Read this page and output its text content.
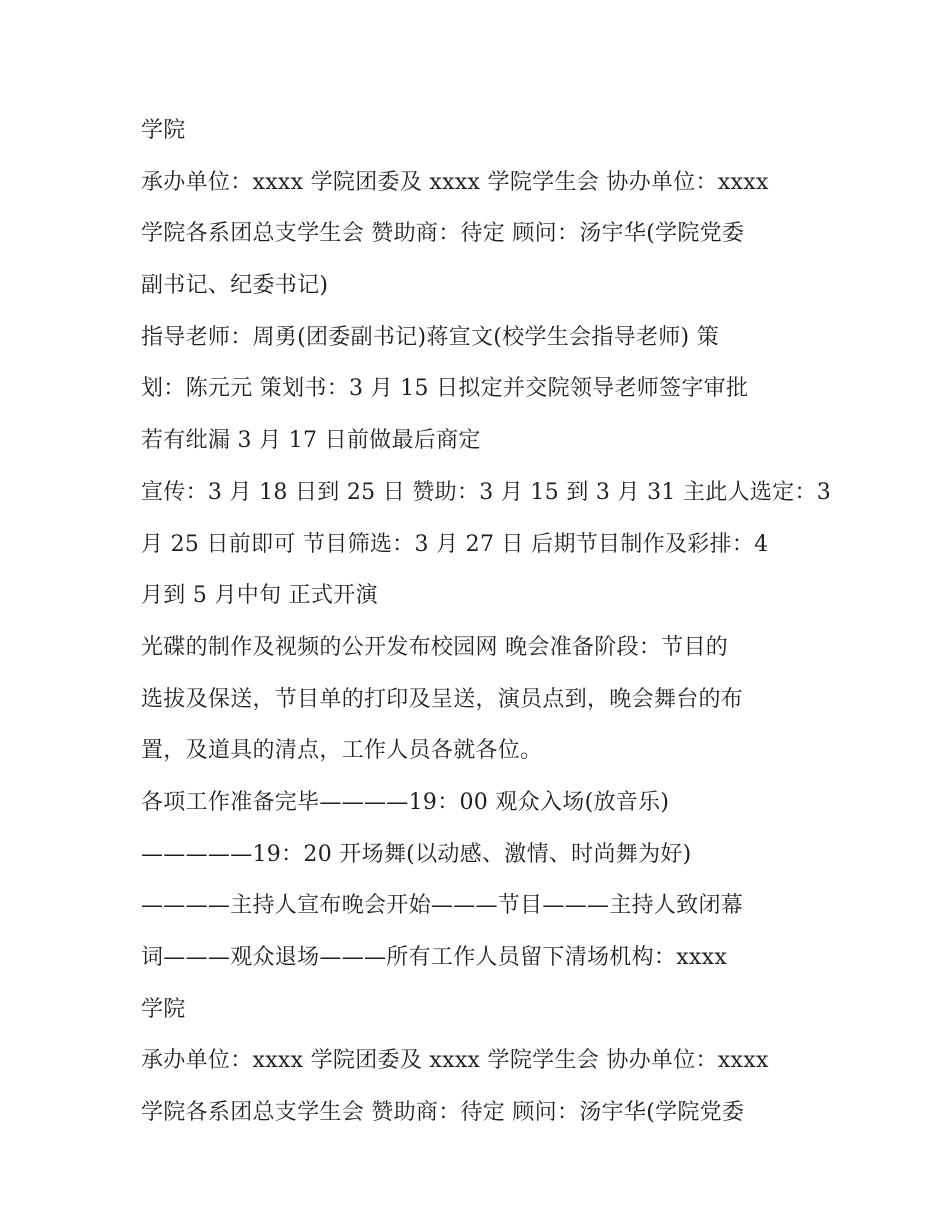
学院
承办单位：xxxx 学院团委及 xxxx 学院学生会 协办单位：xxxx
学院各系团总支学生会 赞助商：待定 顾问：汤宇华(学院党委
副书记、纪委书记)
指导老师：周勇(团委副书记)蒋宣文(校学生会指导老师) 策
划：陈元元 策划书：3 月 15 日拟定并交院领导老师签字审批
若有纰漏 3 月 17 日前做最后商定
宣传：3 月 18 日到 25 日 赞助：3 月 15 到 3 月 31 主此人选定：3
月 25 日前即可 节目筛选：3 月 27 日 后期节目制作及彩排：4
月到 5 月中旬 正式开演
光碟的制作及视频的公开发布校园网 晚会准备阶段：节目的
选拔及保送，节目单的打印及呈送，演员点到，晚会舞台的布
置，及道具的清点，工作人员各就各位。
各项工作准备完毕————19：00 观众入场(放音乐)
—————19：20 开场舞(以动感、激情、时尚舞为好)
————主持人宣布晚会开始———节目———主持人致闭幕
词———观众退场———所有工作人员留下清场机构：xxxx
学院
承办单位：xxxx 学院团委及 xxxx 学院学生会 协办单位：xxxx
学院各系团总支学生会 赞助商：待定 顾问：汤宇华(学院党委
